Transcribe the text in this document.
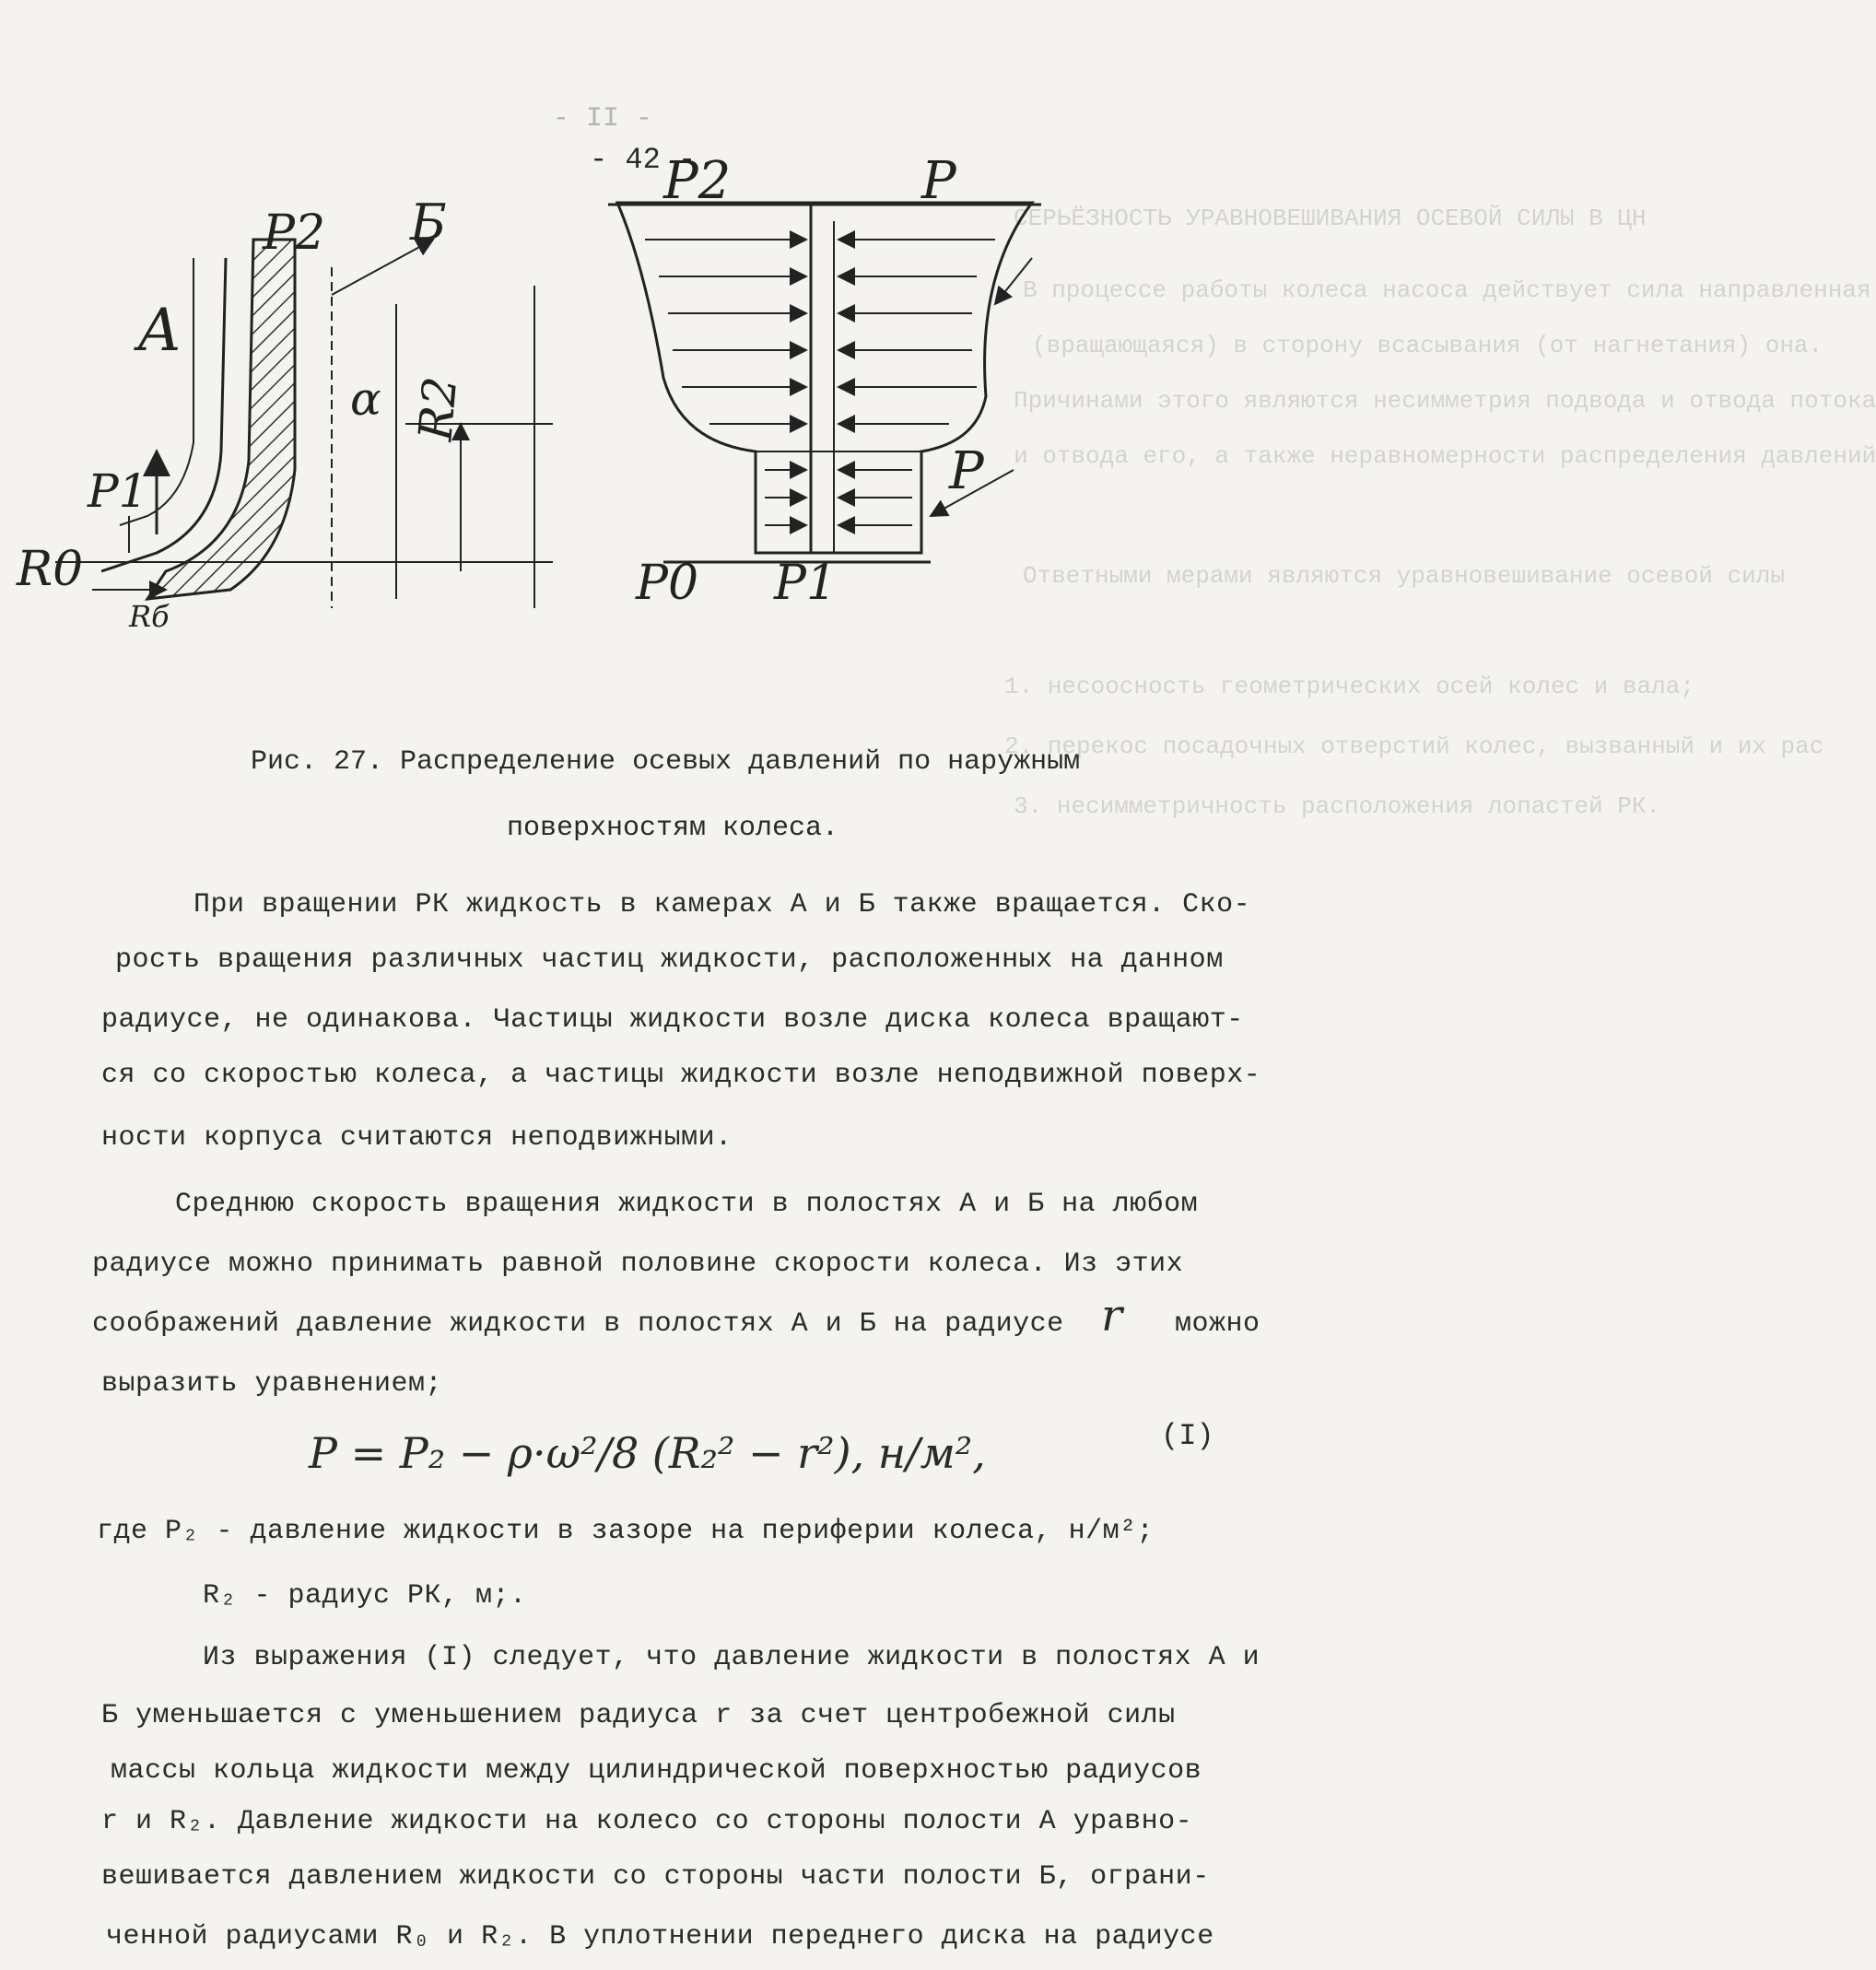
СЕРЬЁЗНОСТЬ УРАВНОВЕШИВАНИЯ ОСЕВОЙ СИЛЫ В ЦН
В процессе работы колеса насоса действует сила направленная
(вращающаяся) в сторону всасывания (от нагнетания) она.
Причинами этого являются несимметрия подвода и отвода потока
и отвода его, а также неравномерности распределения давлений
Ответными мерами являются уравновешивание осевой силы
1. несоосность геометрических осей колес и вала;
2. перекос посадочных отверстий колес, вызванный и их рас
3. несимметричность расположения лопастей РК.
- II -
- 42 -
A
Б
P2
P1
R0
Rб
R2
α
P2	P
P
P1
P0
Рис. 27. Распределение осевых давлений по наружным
поверхностям колеса.
При вращении РК жидкость в камерах А и Б также вращается. Ско-
рость вращения различных частиц жидкости, расположенных на данном
радиусе, не одинакова. Частицы жидкости возле диска колеса вращают-
ся со скоростью колеса, а частицы жидкости возле неподвижной поверх-
ности корпуса считаются неподвижными.
Среднюю скорость вращения жидкости в полостях А и Б на любом
радиусе можно принимать равной половине скорости колеса. Из этих
соображений давление жидкости в полостях А и Б на радиусе r можно
выразить уравнением;
P = P₂ − ρ·ω²/8 (R₂² − r²), н/м²,	(I)
где P₂ - давление жидкости в зазоре на периферии колеса, н/м²;
R₂ - радиус РК, м;.
Из выражения (I) следует, что давление жидкости в полостях А и
Б уменьшается с уменьшением радиуса r за счет центробежной силы
массы кольца жидкости между цилиндрической поверхностью радиусов
r и R₂. Давление жидкости на колесо со стороны полости А уравно-
вешивается давлением жидкости со стороны части полости Б, ограни-
ченной радиусами R₀ и R₂. В уплотнении переднего диска на радиусе
